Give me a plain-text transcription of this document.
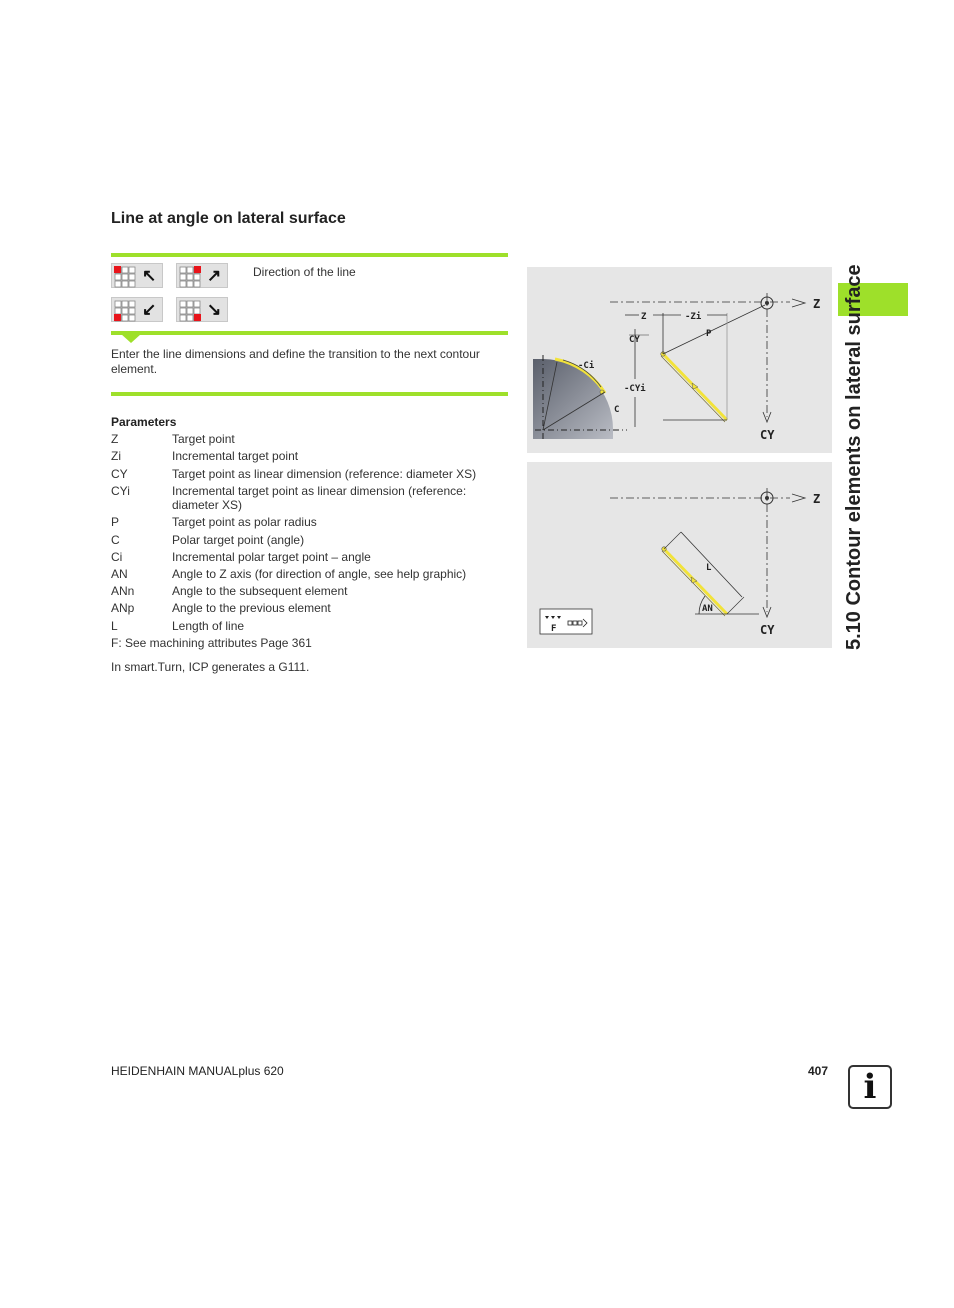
Line at angle on lateral surface
↖	↗
↙	↘
Direction of the line
Enter the line dimensions and define the transition to the next contour element.
Parameters
Z	Target point
Zi	Incremental target point
CY	Target point as linear dimension (reference: diameter XS)
CYi	Incremental target point as linear dimension (reference: diameter XS)
P	Target point as polar radius
C	Polar target point (angle)
Ci	Incremental polar target point – angle
AN	Angle to Z axis (for direction of angle, see help graphic)
ANn	Angle to the subsequent element
ANp	Angle to the previous element
L	Length of line
F: See machining attributes Page 361
In smart.Turn, ICP generates a G111.
Z
CY
Z	-Zi
CY
-CYi
P
-Ci
C
F
Z
CY
L
AN	5.10 Contour elements on lateral surface
HEIDENHAIN MANUALplus 620	407	i
